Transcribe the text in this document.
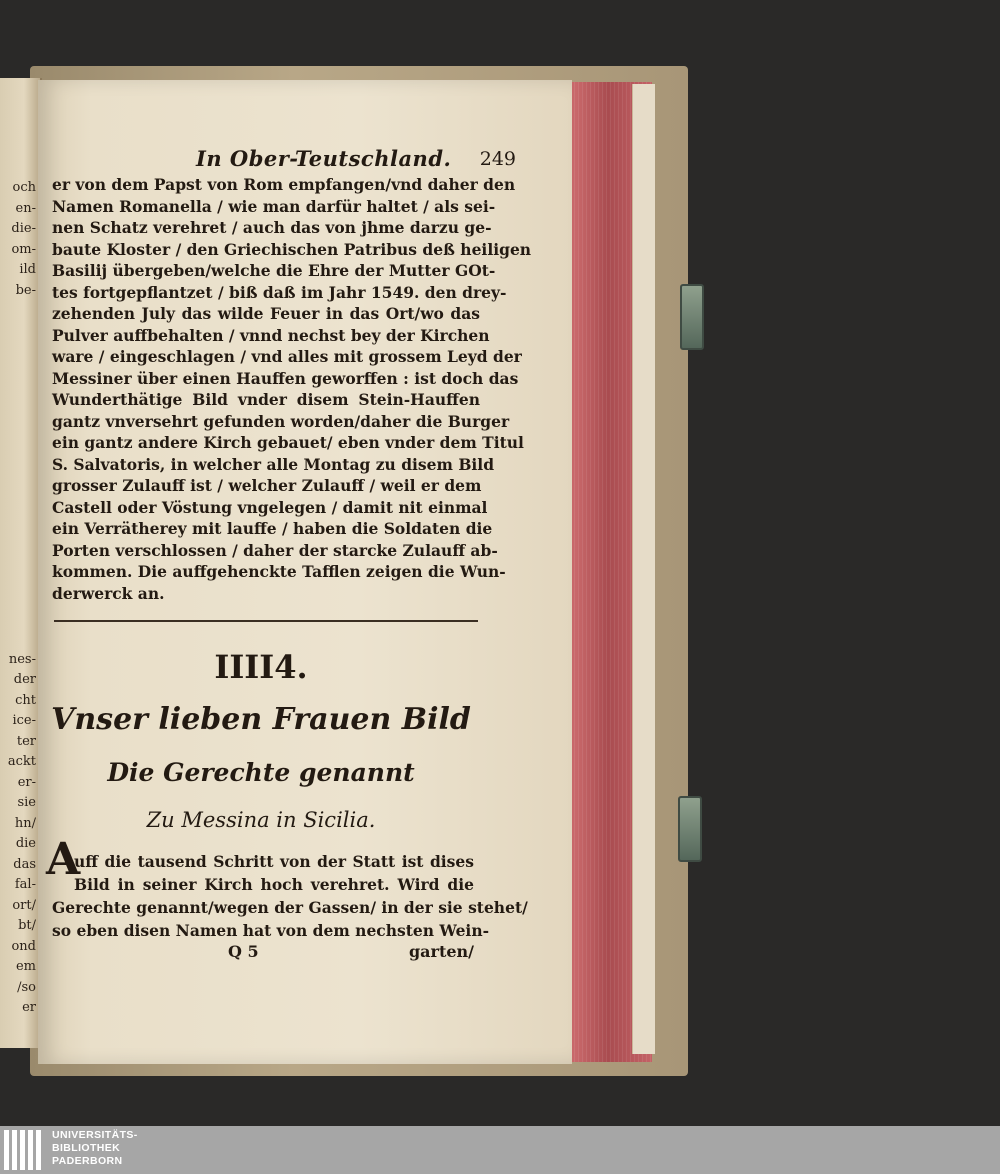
och
en-
die-
om-
ild
be-
nes-
der
cht
ice-
ter
ackt
er-
sie
hn/
die
das
fal-
ort/
bt/
ond
em
/so
er
In Ober-Teutschland. 249
er von dem Papst von Rom empfangen/vnd daher den
Namen Romanella / wie man darfür haltet / als sei-
nen Schatz verehret / auch das von jhme darzu ge-
baute Kloster / den Griechischen Patribus deß heiligen
Basilij übergeben/welche die Ehre der Mutter GOt-
tes fortgepflantzet / biß daß im Jahr 1549. den drey-
zehenden July das wilde Feuer in das Ort/wo das
Pulver auffbehalten / vnnd nechst bey der Kirchen
ware / eingeschlagen / vnd alles mit grossem Leyd der
Messiner über einen Hauffen geworffen : ist doch das
Wunderthätige Bild vnder disem Stein-Hauffen
gantz vnversehrt gefunden worden/daher die Burger
ein gantz andere Kirch gebauet/ eben vnder dem Titul
S. Salvatoris, in welcher alle Montag zu disem Bild
grosser Zulauff ist / welcher Zulauff / weil er dem
Castell oder Vöstung vngelegen / damit nit einmal
ein Verrätherey mit lauffe / haben die Soldaten die
Porten verschlossen / daher der starcke Zulauff ab-
kommen. Die auffgehenckte Tafflen zeigen die Wun-
derwerck an.
IIII4.
Vnser lieben Frauen Bild
Die Gerechte genannt
Zu Messina in Sicilia.
A
uff die tausend Schritt von der Statt ist dises
Bild in seiner Kirch hoch verehret. Wird die
Gerechte genannt/wegen der Gassen/ in der sie stehet/
so eben disen Namen hat von dem nechsten Wein-
Q 5	garten/
UNIVERSITÄTS-
BIBLIOTHEK
PADERBORN
